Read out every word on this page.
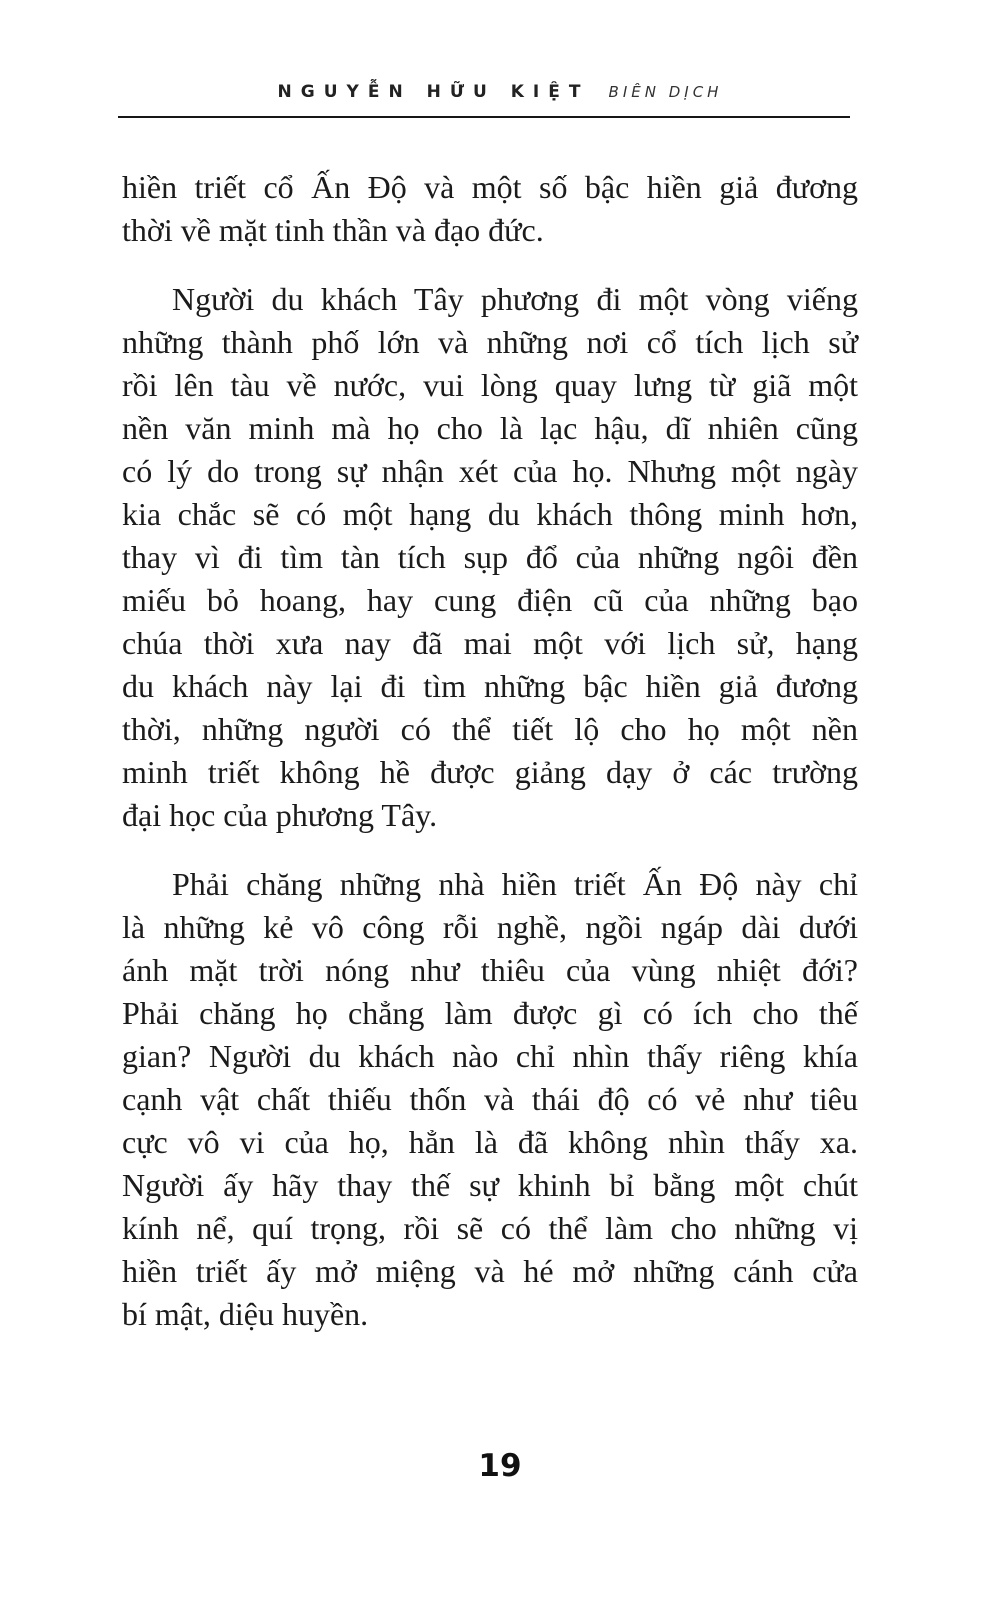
NGUYỄN HỮU KIỆT BIÊN DỊCH

hiền triết cổ Ấn Độ và một số bậc hiền giả đương
thời về mặt tinh thần và đạo đức.

Người du khách Tây phương đi một vòng viếng
những thành phố lớn và những nơi cổ tích lịch sử
rồi lên tàu về nước, vui lòng quay lưng từ giã một
nền văn minh mà họ cho là lạc hậu, dĩ nhiên cũng
có lý do trong sự nhận xét của họ. Nhưng một ngày
kia chắc sẽ có một hạng du khách thông minh hơn,
thay vì đi tìm tàn tích sụp đổ của những ngôi đền
miếu bỏ hoang, hay cung điện cũ của những bạo
chúa thời xưa nay đã mai một với lịch sử, hạng
du khách này lại đi tìm những bậc hiền giả đương
thời, những người có thể tiết lộ cho họ một nền
minh triết không hề được giảng dạy ở các trường
đại học của phương Tây.

Phải chăng những nhà hiền triết Ấn Độ này chỉ
là những kẻ vô công rỗi nghề, ngồi ngáp dài dưới
ánh mặt trời nóng như thiêu của vùng nhiệt đới?
Phải chăng họ chẳng làm được gì có ích cho thế
gian? Người du khách nào chỉ nhìn thấy riêng khía
cạnh vật chất thiếu thốn và thái độ có vẻ như tiêu
cực vô vi của họ, hẳn là đã không nhìn thấy xa.
Người ấy hãy thay thế sự khinh bỉ bằng một chút
kính nể, quí trọng, rồi sẽ có thể làm cho những vị
hiền triết ấy mở miệng và hé mở những cánh cửa
bí mật, diệu huyền.

19
